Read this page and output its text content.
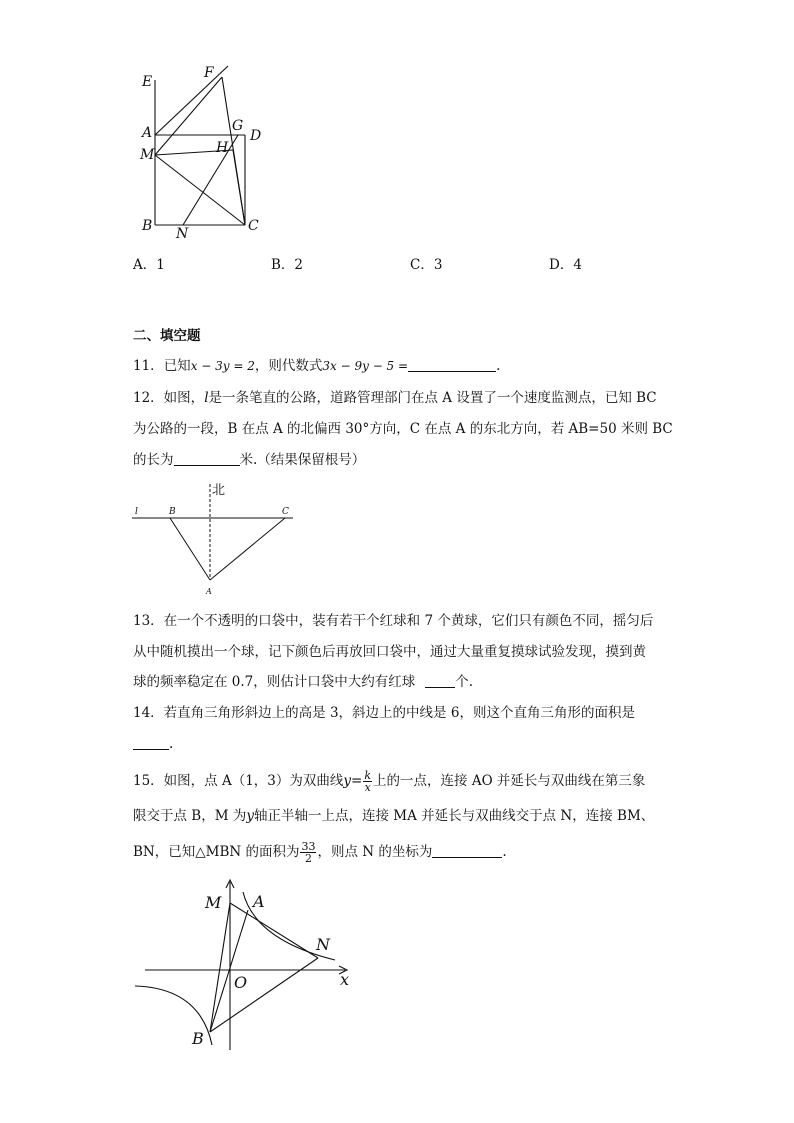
E
F
A	G
D
M	H
B N	C
A．1	B．2	C．3	D．4
二、填空题
11．已知x − 3y = 2，则代数式3x − 9y − 5 =	.
12．如图，l是一条笔直的公路，道路管理部门在点 A 设置了一个速度监测点，已知 BC
为公路的一段，B 在点 A 的北偏西 30°方向，C 在点 A 的东北方向，若 AB=50 米则 BC
的长为	米.（结果保留根号）
北
l	B	C
A
13．在一个不透明的口袋中，装有若干个红球和 7 个黄球，它们只有颜色不同，摇匀后
从中随机摸出一个球，记下颜色后再放回口袋中，通过大量重复摸球试验发现，摸到黄
球的频率稳定在 0.7，则估计口袋中大约有红球	个.
14．若直角三角形斜边上的高是 3，斜边上的中线是 6，则这个直角三角形的面积是
.
15．如图，点 A（1，3）为双曲线$y= \frac{k}{x}$ 上的一点，连接 AO 并延长与双曲线在第三象
限交于点 B，M 为y轴正半轴一上点，连接 MA 并延长与双曲线交于点 N，连接 BM、
BN，已知△MBN 的面积为 $\frac{33}{2}$ ，则点 N 的坐标为	.
M A
N
O	x
B
